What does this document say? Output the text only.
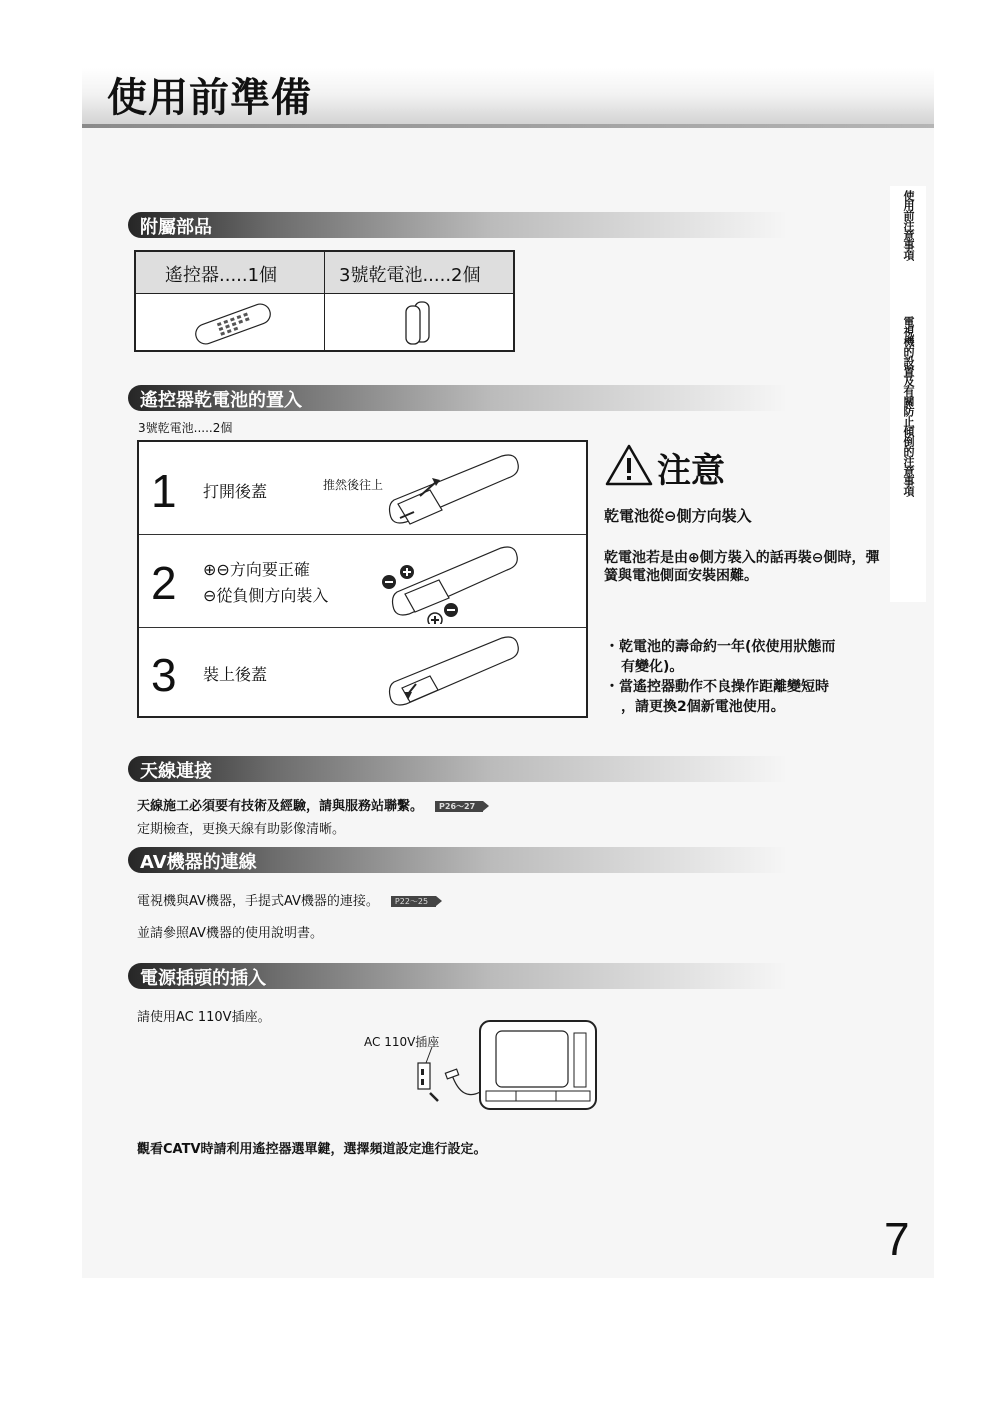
使用前準備
使用前注意事項
電視機的設置及有關防止傾倒的注意事項
附屬部品
遙控器.....1個	3號乾電池.....2個
遙控器乾電池的置入
3號乾電池.....2個
1 打開後蓋	推然後往上
2 ⊕⊖方向要正確
⊖從負側方向裝入
3 裝上後蓋
注意
乾電池從⊖側方向裝入
乾電池若是由⊕側方裝入的話再裝⊖側時，彈簧與電池側面安裝困難。
・乾電池的壽命約一年(依使用狀態而
有變化)。
・當遙控器動作不良操作距離變短時
，請更換2個新電池使用。
天線連接
天線施工必須要有技術及經驗，請與服務站聯繫。 P26～27
定期檢查，更換天線有助影像清晰。
AV機器的連線
電視機與AV機器，手提式AV機器的連接。 P22～25
並請參照AV機器的使用說明書。
電源插頭的插入
請使用AC 110V插座。
AC 110V插座
觀看CATV時請利用遙控器選單鍵，選擇頻道設定進行設定。
7
